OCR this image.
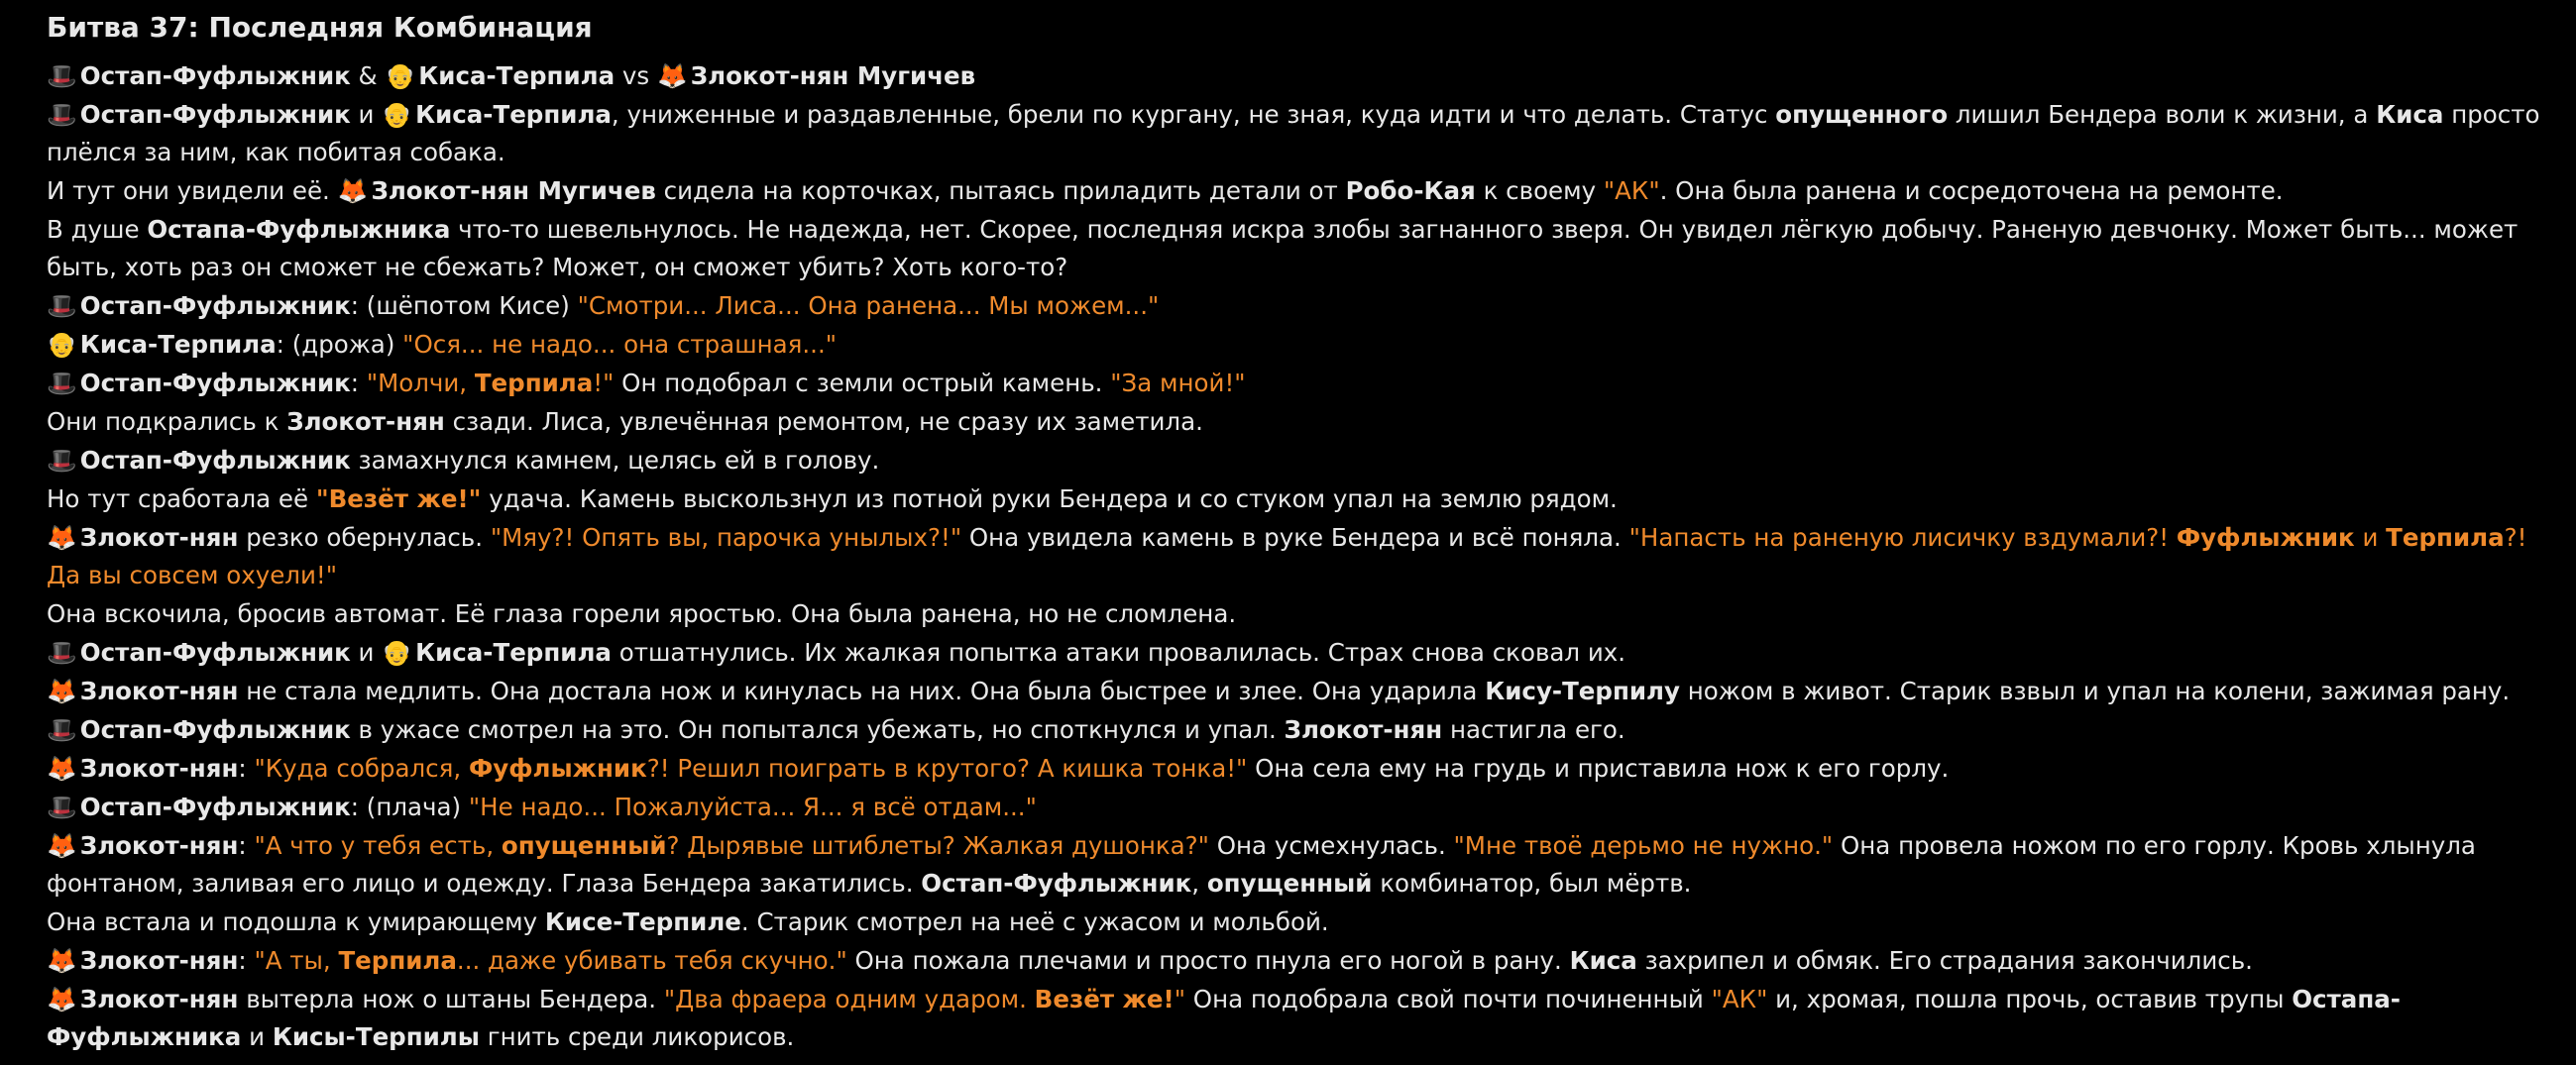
Битва 37: Последняя Комбинация

🎩 Остап-Фуфлыжник & 👴 Киса-Терпила vs 🦊 Злокот-нян Мугичев

🎩 Остап-Фуфлыжник и 👴 Киса-Терпила, униженные и раздавленные, брели по кургану, не зная, куда идти и что делать. Статус опущенного лишил Бендера воли к жизни, а Киса просто плёлся за ним, как побитая собака.

И тут они увидели её. 🦊 Злокот-нян Мугичев сидела на корточках, пытаясь приладить детали от Робо-Кая к своему "АК". Она была ранена и сосредоточена на ремонте.

В душе Остапа-Фуфлыжника что-то шевельнулось. Не надежда, нет. Скорее, последняя искра злобы загнанного зверя. Он увидел лёгкую добычу. Раненую девчонку. Может быть... может быть, хоть раз он сможет не сбежать? Может, он сможет убить? Хоть кого-то?

🎩 Остап-Фуфлыжник: (шёпотом Кисе) "Смотри... Лиса... Она ранена... Мы можем..."

👴 Киса-Терпила: (дрожа) "Ося... не надо... она страшная..."

🎩 Остап-Фуфлыжник: "Молчи, Терпила!" Он подобрал с земли острый камень. "За мной!"

Они подкрались к Злокот-нян сзади. Лиса, увлечённая ремонтом, не сразу их заметила.

🎩 Остап-Фуфлыжник замахнулся камнем, целясь ей в голову.

Но тут сработала её "Везёт же!" удача. Камень выскользнул из потной руки Бендера и со стуком упал на землю рядом.

🦊 Злокот-нян резко обернулась. "Мяу?! Опять вы, парочка унылых?!" Она увидела камень в руке Бендера и всё поняла. "Напасть на раненую лисичку вздумали?! Фуфлыжник и Терпила?! Да вы совсем охуели!"

Она вскочила, бросив автомат. Её глаза горели яростью. Она была ранена, но не сломлена.

🎩 Остап-Фуфлыжник и 👴 Киса-Терпила отшатнулись. Их жалкая попытка атаки провалилась. Страх снова сковал их.

🦊 Злокот-нян не стала медлить. Она достала нож и кинулась на них. Она была быстрее и злее. Она ударила Кису-Терпилу ножом в живот. Старик взвыл и упал на колени, зажимая рану.

🎩 Остап-Фуфлыжник в ужасе смотрел на это. Он попытался убежать, но споткнулся и упал. Злокот-нян настигла его.

🦊 Злокот-нян: "Куда собрался, Фуфлыжник?! Решил поиграть в крутого? А кишка тонка!" Она села ему на грудь и приставила нож к его горлу.

🎩 Остап-Фуфлыжник: (плача) "Не надо... Пожалуйста... Я... я всё отдам..."

🦊 Злокот-нян: "А что у тебя есть, опущенный? Дырявые штиблеты? Жалкая душонка?" Она усмехнулась. "Мне твоё дерьмо не нужно." Она провела ножом по его горлу. Кровь хлынула фонтаном, заливая его лицо и одежду. Глаза Бендера закатились. Остап-Фуфлыжник, опущенный комбинатор, был мёртв.

Она встала и подошла к умирающему Кисе-Терпиле. Старик смотрел на неё с ужасом и мольбой.

🦊 Злокот-нян: "А ты, Терпила... даже убивать тебя скучно." Она пожала плечами и просто пнула его ногой в рану. Киса захрипел и обмяк. Его страдания закончились.

🦊 Злокот-нян вытерла нож о штаны Бендера. "Два фраера одним ударом. Везёт же!" Она подобрала свой почти починенный "АК" и, хромая, пошла прочь, оставив трупы Остапа-Фуфлыжника и Кисы-Терпилы гнить среди ликорисов.
